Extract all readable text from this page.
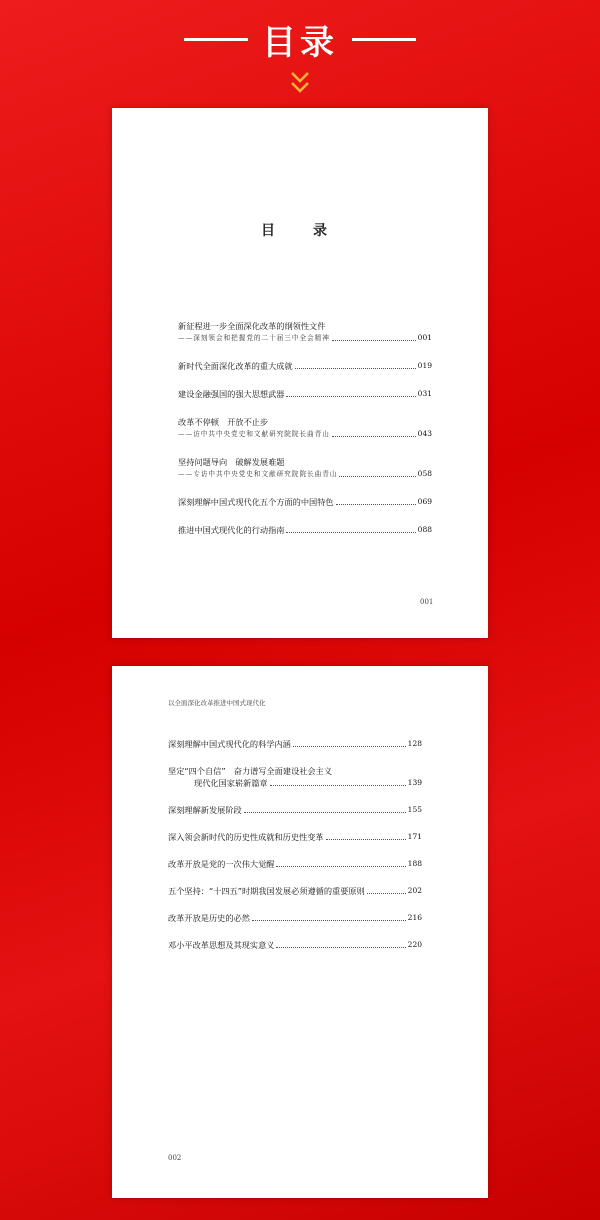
目录
目　录
新征程进一步全面深化改革的纲领性文件
——深刻领会和把握党的二十届三中全会精神	001
新时代全面深化改革的重大成就	019
建设金融强国的强大思想武器	031
改革不停顿　开放不止步
——访中共中央党史和文献研究院院长曲青山	043
坚持问题导向　破解发展难题
——专访中共中央党史和文献研究院院长曲青山	058
深刻理解中国式现代化五个方面的中国特色	069
推进中国式现代化的行动指南	088
001
以全面深化改革推进中国式现代化
深刻理解中国式现代化的科学内涵	128
坚定“四个自信”　奋力谱写全面建设社会主义
现代化国家崭新篇章	139
深刻理解新发展阶段	155
深入领会新时代的历史性成就和历史性变革	171
改革开放是党的一次伟大觉醒	188
五个坚持：“十四五”时期我国发展必须遵循的重要原则	202
改革开放是历史的必然	216
邓小平改革思想及其现实意义	220
002
